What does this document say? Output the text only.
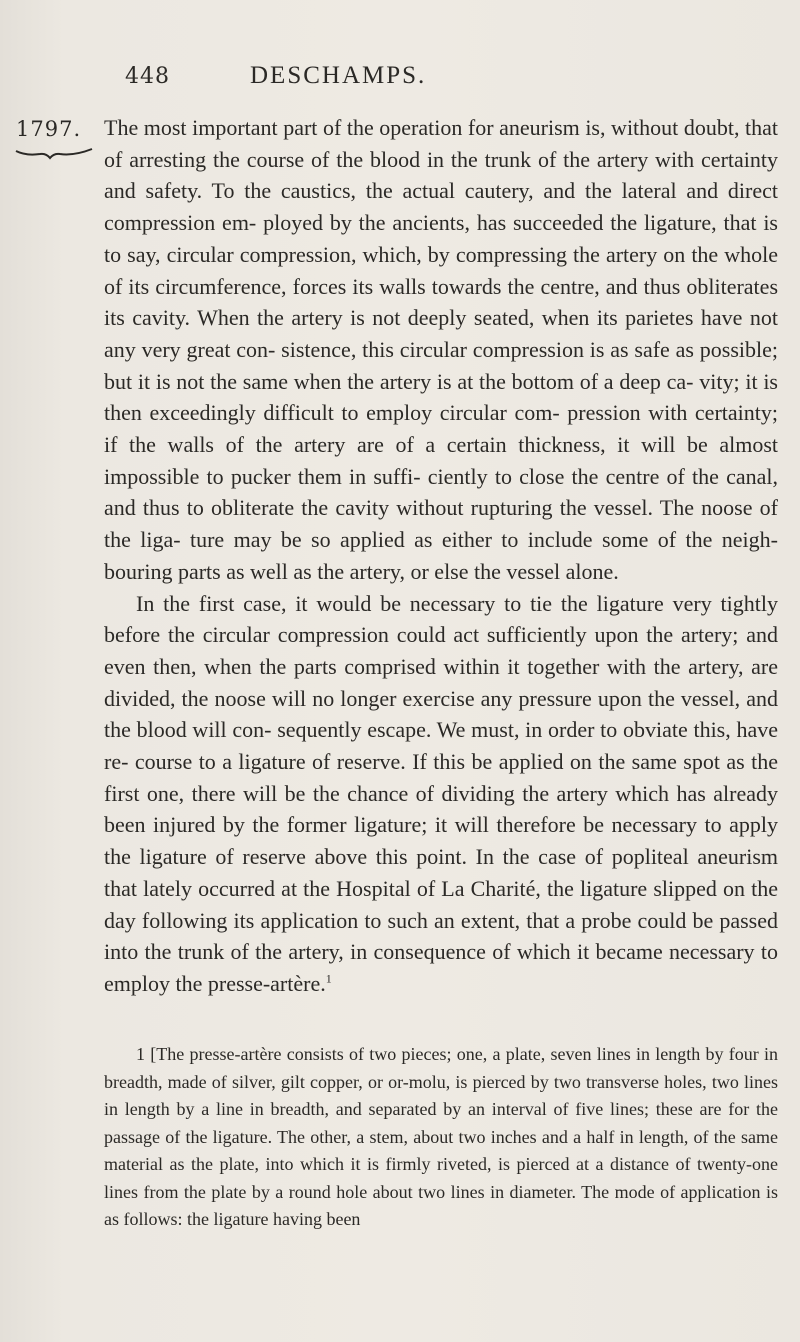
448	DESCHAMPS.
1797. The most important part of the operation for aneurism is, without doubt, that of arresting the course of the blood in the trunk of the artery with certainty and safety. To the caustics, the actual cautery, and the lateral and direct compression em- ployed by the ancients, has succeeded the ligature, that is to say, circular compression, which, by compressing the artery on the whole of its circumference, forces its walls towards the centre, and thus obliterates its cavity. When the artery is not deeply seated, when its parietes have not any very great con- sistence, this circular compression is as safe as possible; but it is not the same when the artery is at the bottom of a deep ca- vity; it is then exceedingly difficult to employ circular com- pression with certainty; if the walls of the artery are of a certain thickness, it will be almost impossible to pucker them in suffi- ciently to close the centre of the canal, and thus to obliterate the cavity without rupturing the vessel. The noose of the liga- ture may be so applied as either to include some of the neigh- bouring parts as well as the artery, or else the vessel alone.

In the first case, it would be necessary to tie the ligature very tightly before the circular compression could act sufficiently upon the artery; and even then, when the parts comprised within it together with the artery, are divided, the noose will no longer exercise any pressure upon the vessel, and the blood will con- sequently escape. We must, in order to obviate this, have re- course to a ligature of reserve. If this be applied on the same spot as the first one, there will be the chance of dividing the artery which has already been injured by the former ligature; it will therefore be necessary to apply the ligature of reserve above this point. In the case of popliteal aneurism that lately occurred at the Hospital of La Charité, the ligature slipped on the day following its application to such an extent, that a probe could be passed into the trunk of the artery, in consequence of which it became necessary to employ the presse-artère.$^1$

1 [The presse-artère consists of two pieces; one, a plate, seven lines in length by four in breadth, made of silver, gilt copper, or or-molu, is pierced by two transverse holes, two lines in length by a line in breadth, and separated by an interval of five lines; these are for the passage of the ligature. The other, a stem, about two inches and a half in length, of the same material as the plate, into which it is firmly riveted, is pierced at a distance of twenty-one lines from the plate by a round hole about two lines in diameter. The mode of application is as follows: the ligature having been
